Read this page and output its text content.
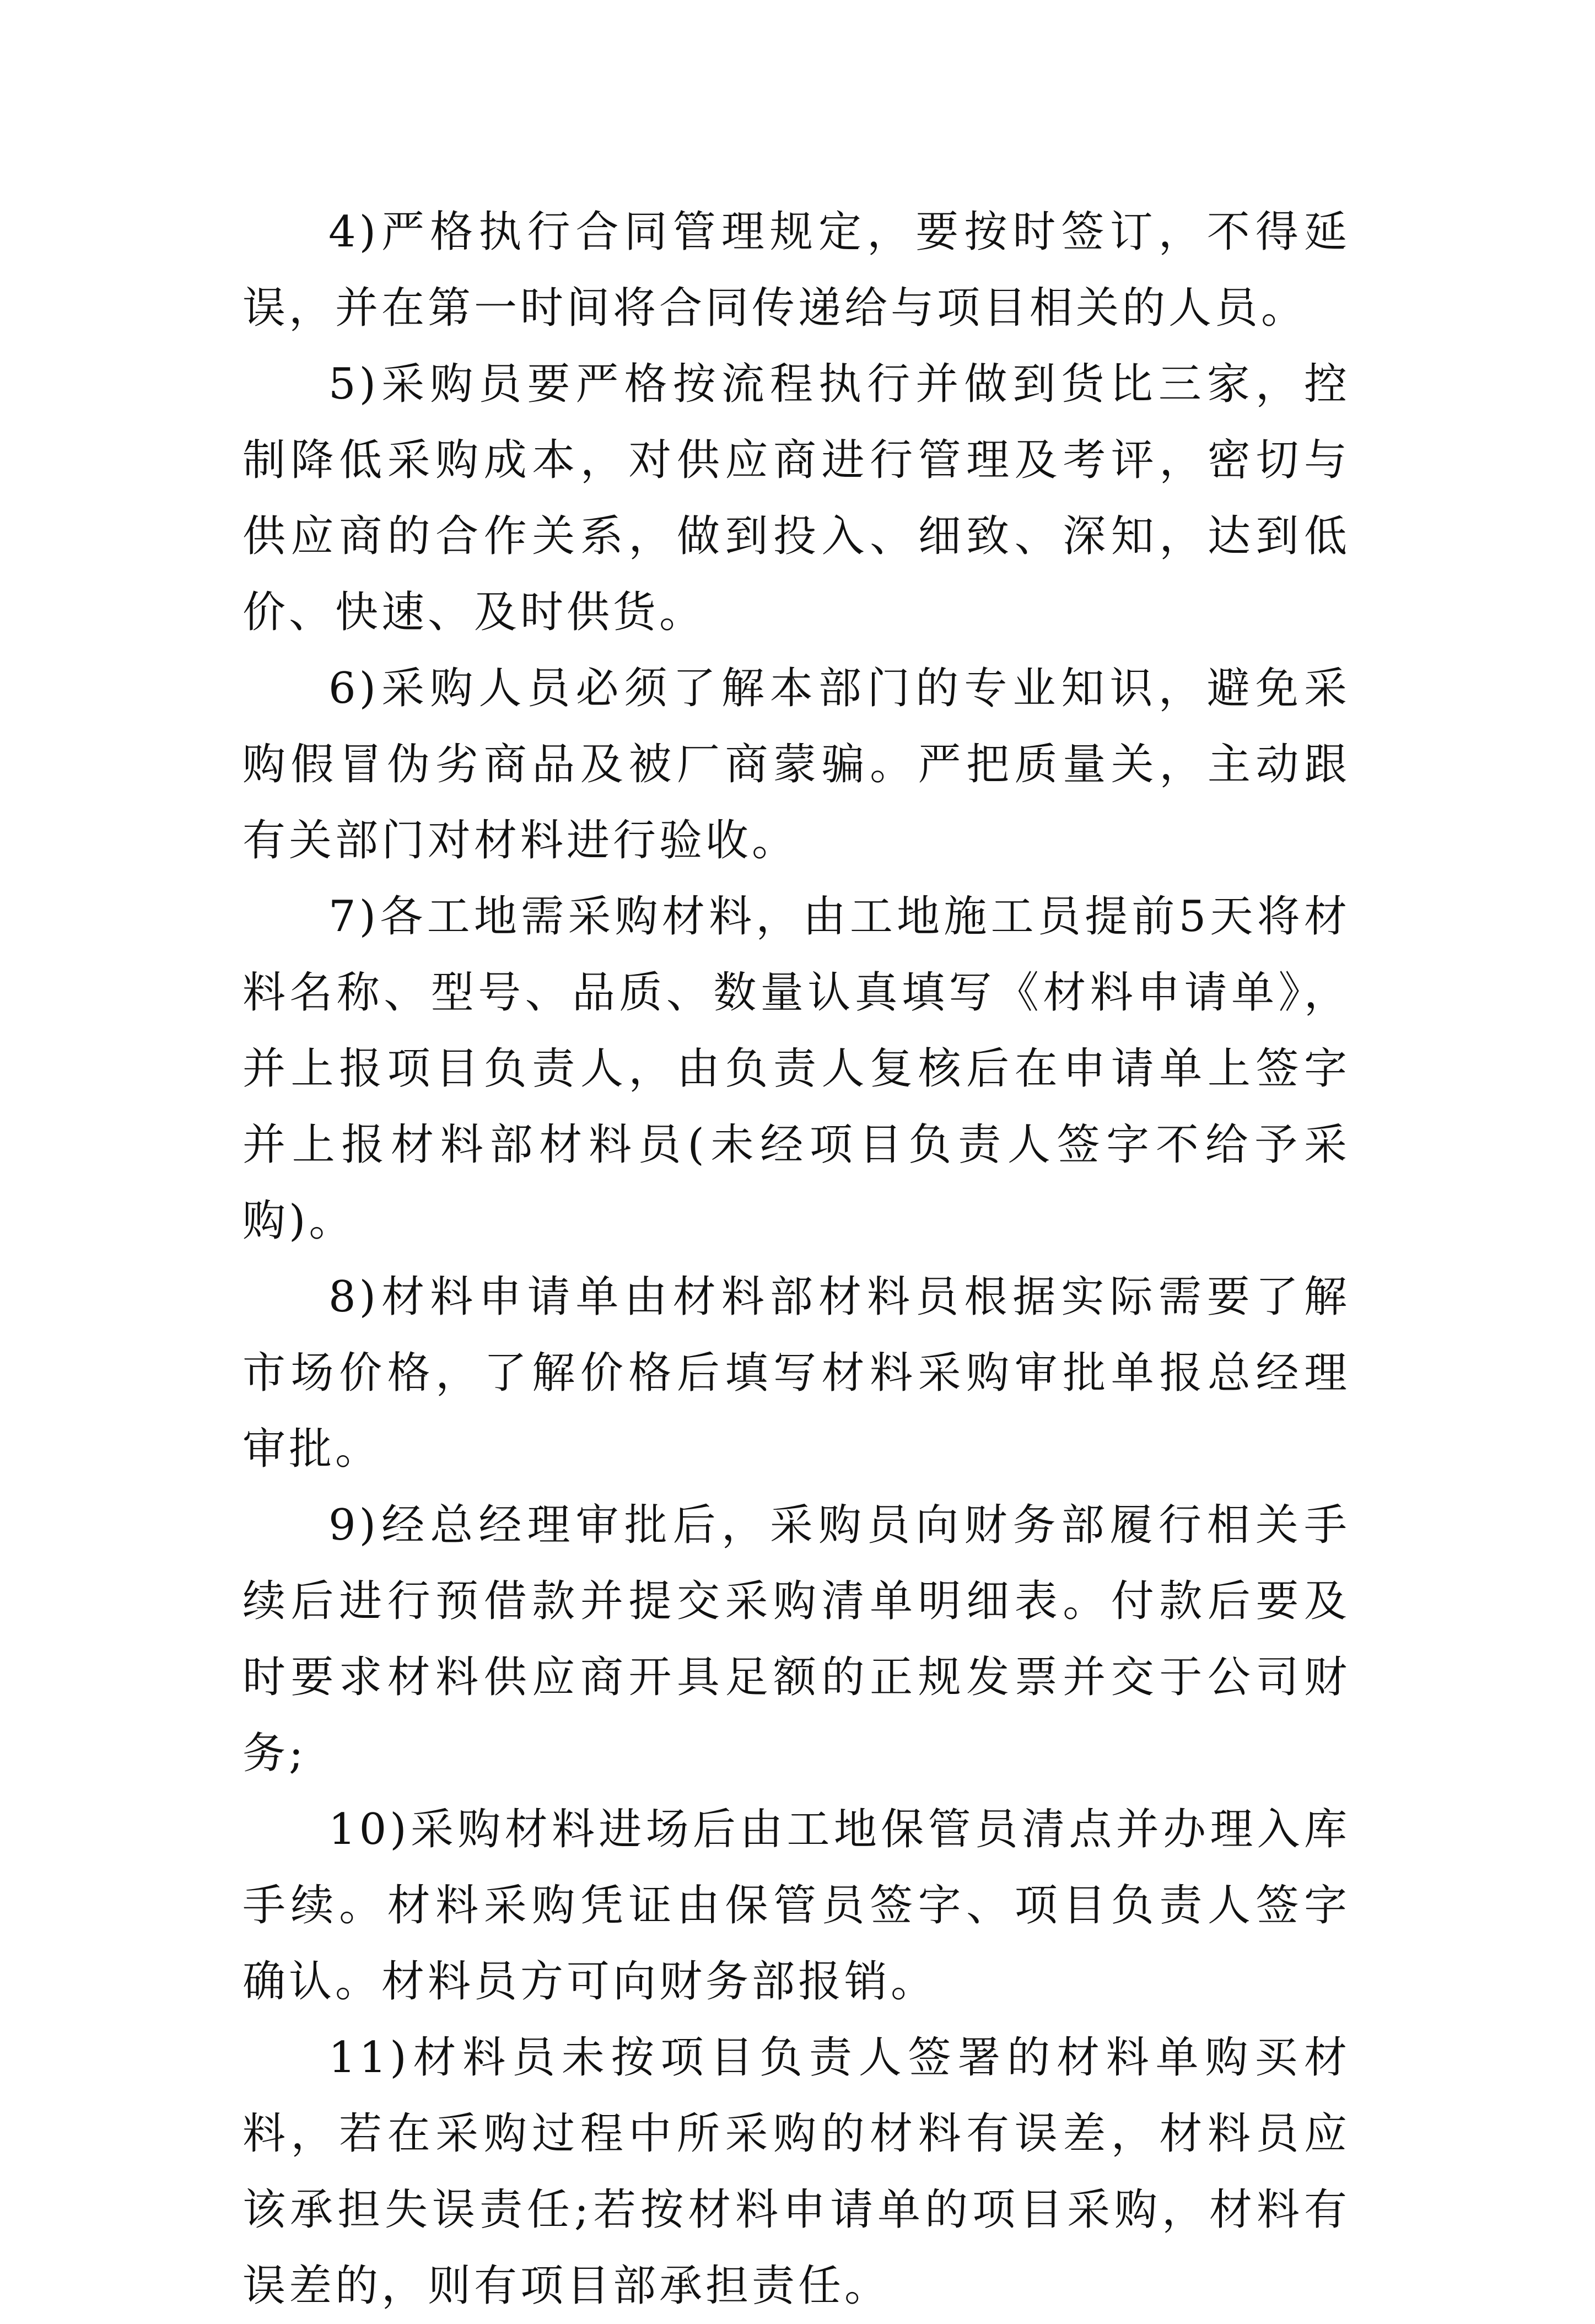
4)严格执行合同管理规定，要按时签订，不得延误，并在第一时间将合同传递给与项目相关的人员。

5)采购员要严格按流程执行并做到货比三家，控制降低采购成本，对供应商进行管理及考评，密切与供应商的合作关系，做到投入、细致、深知，达到低价、快速、及时供货。

6)采购人员必须了解本部门的专业知识，避免采购假冒伪劣商品及被厂商蒙骗。严把质量关，主动跟有关部门对材料进行验收。

7)各工地需采购材料，由工地施工员提前5天将材料名称、型号、品质、数量认真填写《材料申请单》，并上报项目负责人，由负责人复核后在申请单上签字并上报材料部材料员(未经项目负责人签字不给予采购)。

8)材料申请单由材料部材料员根据实际需要了解市场价格，了解价格后填写材料采购审批单报总经理审批。

9)经总经理审批后，采购员向财务部履行相关手续后进行预借款并提交采购清单明细表。付款后要及时要求材料供应商开具足额的正规发票并交于公司财务;

10)采购材料进场后由工地保管员清点并办理入库手续。材料采购凭证由保管员签字、项目负责人签字确认。材料员方可向财务部报销。

11)材料员未按项目负责人签署的材料单购买材料，若在采购过程中所采购的材料有误差，材料员应该承担失误责任;若按材料申请单的项目采购，材料有误差的，则有项目部承担责任。
